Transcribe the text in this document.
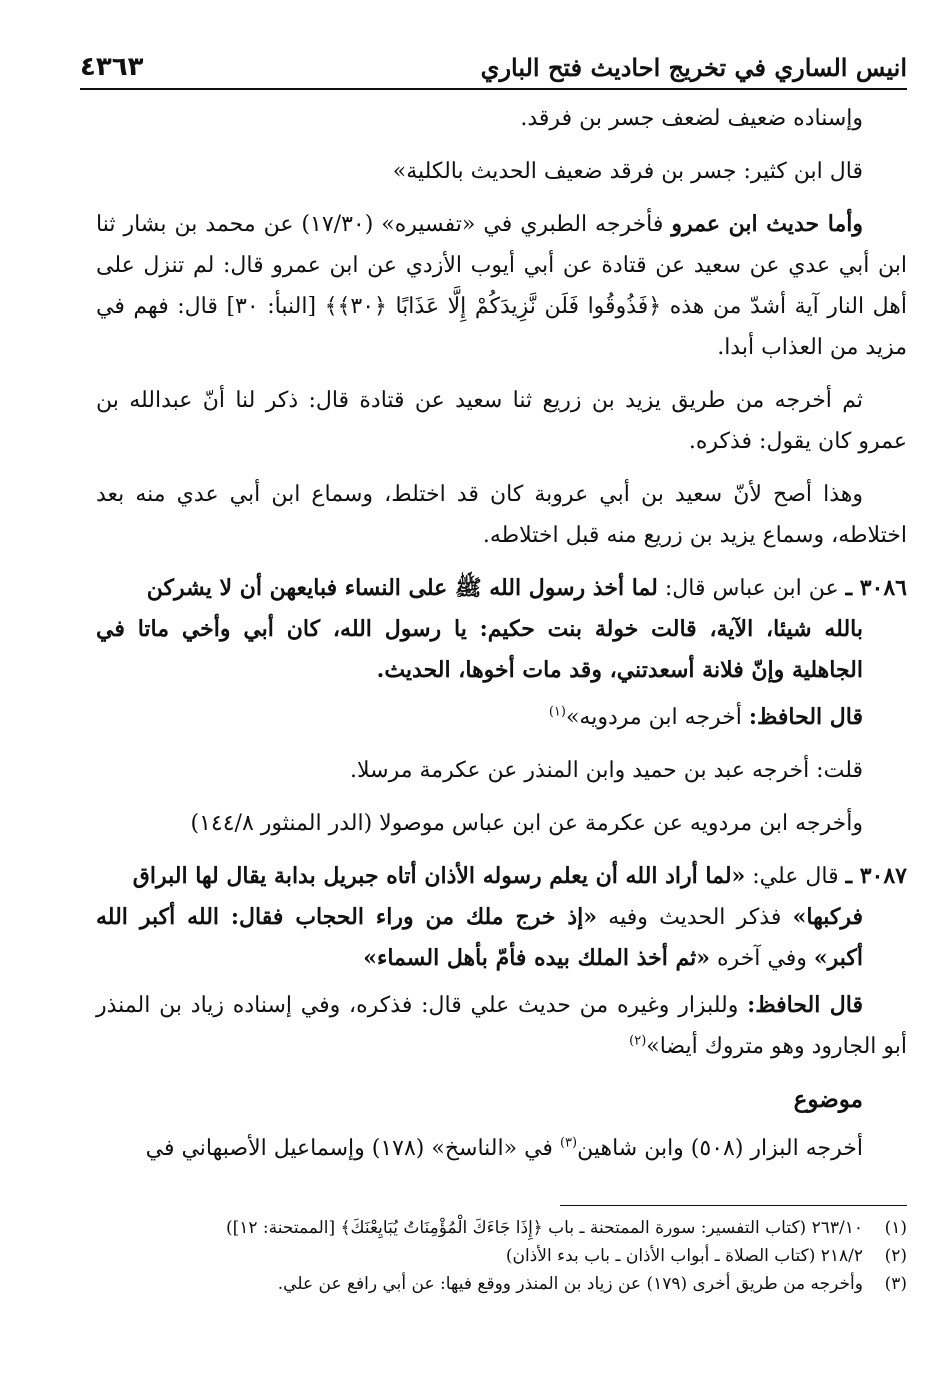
انيس الساري في تخريج احاديث فتح الباري
٤٣٦٣

وإسناده ضعيف لضعف جسر بن فرقد.

قال ابن كثير: جسر بن فرقد ضعيف الحديث بالكلية»

وأما حديث ابن عمرو فأخرجه الطبري في «تفسيره» (١٧/٣٠) عن محمد بن بشار ثنا ابن أبي عدي عن سعيد عن قتادة عن أبي أيوب الأزدي عن ابن عمرو قال: لم تنزل على أهل النار آية أشدّ من هذه ﴿فَذُوقُوا فَلَن نَّزِيدَكُمْ إِلَّا عَذَابًا ﴿٣٠﴾﴾ [النبأ: ٣٠] قال: فهم في مزيد من العذاب أبدا.

ثم أخرجه من طريق يزيد بن زريع ثنا سعيد عن قتادة قال: ذكر لنا أنّ عبدالله بن عمرو كان يقول: فذكره.

وهذا أصح لأنّ سعيد بن أبي عروبة كان قد اختلط، وسماع ابن أبي عدي منه بعد اختلاطه، وسماع يزيد بن زريع منه قبل اختلاطه.

٣٠٨٦ ـ عن ابن عباس قال: لما أخذ رسول الله ﷺ على النساء فبايعهن أن لا يشركن
بالله شيئا، الآية، قالت خولة بنت حكيم: يا رسول الله، كان أبي وأخي ماتا في الجاهلية وإنّ فلانة أسعدتني، وقد مات أخوها، الحديث.

قال الحافظ: أخرجه ابن مردويه»$^{(١)}$

قلت: أخرجه عبد بن حميد وابن المنذر عن عكرمة مرسلا.

وأخرجه ابن مردويه عن عكرمة عن ابن عباس موصولا (الدر المنثور ١٤٤/٨)

٣٠٨٧ ـ قال علي: «لما أراد الله أن يعلم رسوله الأذان أتاه جبريل بدابة يقال لها البراق
فركبها» فذكر الحديث وفيه «إذ خرج ملك من وراء الحجاب فقال: الله أكبر الله أكبر» وفي آخره «ثم أخذ الملك بيده فأمّ بأهل السماء»

قال الحافظ: وللبزار وغيره من حديث علي قال: فذكره، وفي إسناده زياد بن المنذر أبو الجارود وهو متروك أيضا»$^{(٢)}$

موضوع

أخرجه البزار (٥٠٨) وابن شاهين$^{(٣)}$ في «الناسخ» (١٧٨) وإسماعيل الأصبهاني في

(١)
٢٦٣/١٠ (كتاب التفسير: سورة الممتحنة ـ باب ﴿إِذَا جَاءَكَ الْمُؤْمِنَاتُ يُبَايِعْنَكَ﴾ [الممتحنة: ١٢])
(٢)
٢١٨/٢ (كتاب الصلاة ـ أبواب الأذان ـ باب بدء الأذان)
(٣)
وأخرجه من طريق أخرى (١٧٩) عن زياد بن المنذر ووقع فيها: عن أبي رافع عن علي.
